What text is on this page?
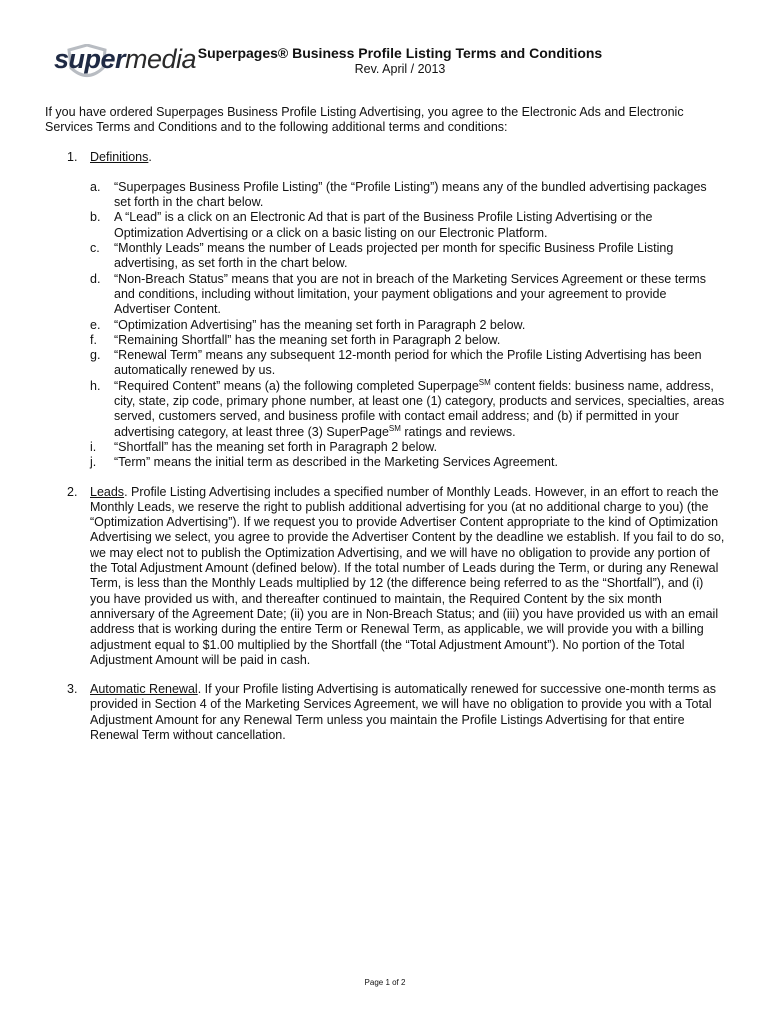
supermedia Superpages® Business Profile Listing Terms and Conditions
Rev. April / 2013

If you have ordered Superpages Business Profile Listing Advertising, you agree to the Electronic Ads and Electronic Services Terms and Conditions and to the following additional terms and conditions:

1. Definitions.

a. “Superpages Business Profile Listing” (the “Profile Listing”) means any of the bundled advertising packages set forth in the chart below.

b. A “Lead” is a click on an Electronic Ad that is part of the Business Profile Listing Advertising or the Optimization Advertising or a click on a basic listing on our Electronic Platform.

c. “Monthly Leads” means the number of Leads projected per month for specific Business Profile Listing advertising, as set forth in the chart below.

d. “Non-Breach Status” means that you are not in breach of the Marketing Services Agreement or these terms and conditions, including without limitation, your payment obligations and your agreement to provide Advertiser Content.

e. “Optimization Advertising” has the meaning set forth in Paragraph 2 below.

f. “Remaining Shortfall” has the meaning set forth in Paragraph 2 below.

g. “Renewal Term” means any subsequent 12-month period for which the Profile Listing Advertising has been automatically renewed by us.

h. “Required Content” means (a) the following completed Superpage℠ content fields: business name, address, city, state, zip code, primary phone number, at least one (1) category, products and services, specialties, areas served, customers served, and business profile with contact email address; and (b) if permitted in your advertising category, at least three (3) SuperPage℠ ratings and reviews.

i. “Shortfall” has the meaning set forth in Paragraph 2 below.

j. “Term” means the initial term as described in the Marketing Services Agreement.

2. Leads. Profile Listing Advertising includes a specified number of Monthly Leads. However, in an effort to reach the Monthly Leads, we reserve the right to publish additional advertising for you (at no additional charge to you) (the “Optimization Advertising”). If we request you to provide Advertiser Content appropriate to the kind of Optimization Advertising we select, you agree to provide the Advertiser Content by the deadline we establish. If you fail to do so, we may elect not to publish the Optimization Advertising, and we will have no obligation to provide any portion of the Total Adjustment Amount (defined below). If the total number of Leads during the Term, or during any Renewal Term, is less than the Monthly Leads multiplied by 12 (the difference being referred to as the “Shortfall”), and (i) you have provided us with, and thereafter continued to maintain, the Required Content by the six month anniversary of the Agreement Date; (ii) you are in Non-Breach Status; and (iii) you have provided us with an email address that is working during the entire Term or Renewal Term, as applicable, we will provide you with a billing adjustment equal to $1.00 multiplied by the Shortfall (the “Total Adjustment Amount”). No portion of the Total Adjustment Amount will be paid in cash.
3. Automatic Renewal. If your Profile listing Advertising is automatically renewed for successive one-month terms as provided in Section 4 of the Marketing Services Agreement, we will have no obligation to provide you with a Total Adjustment Amount for any Renewal Term unless you maintain the Profile Listings Advertising for that entire Renewal Term without cancellation.
Page 1 of 2
